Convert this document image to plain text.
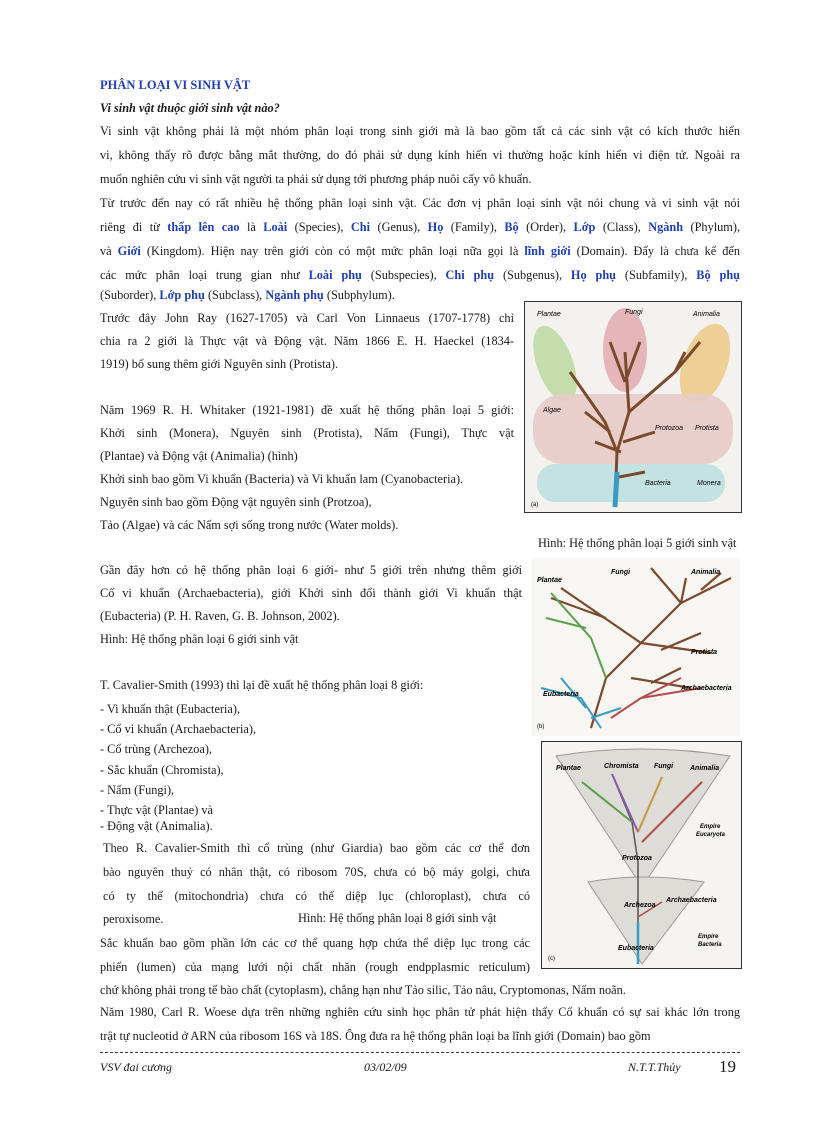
PHÂN LOẠI VI SINH VẬT
Vi sinh vật thuộc giới sinh vật nào?
Vi sinh vật không phải là một nhóm phân loại trong sinh giới mà là bao gồm tất cả các sinh vật có kích thước hiển
vi, không thấy rõ được bằng mắt thường, do đó phải sử dụng kính hiển vi thường hoặc kính hiển vi điện tử. Ngoài ra
muốn nghiên cứu vi sinh vật người ta phải sử dụng tới phương pháp nuôi cấy vô khuẩn.
Từ trước đến nay có rất nhiều hệ thống phân loại sinh vật. Các đơn vị phân loại sinh vật nói chung và vi sinh vật nói
riêng đi từ thấp lên cao là Loài (Species), Chi (Genus), Họ (Family), Bộ (Order), Lớp (Class), Ngành (Phylum),
và Giới (Kingdom). Hiện nay trên giới còn có một mức phân loại nữa gọi là lĩnh giới (Domain). Đấy là chưa kể đến
các mức phân loại trung gian như Loài phụ (Subspecies), Chi phụ (Subgenus), Họ phụ (Subfamily), Bộ phụ
(Suborder), Lớp phụ (Subclass), Ngành phụ (Subphylum).
Trước đây John Ray (1627-1705) và Carl Von Linnaeus (1707-1778) chỉ
chia ra 2 giới là Thực vật và Động vật. Năm 1866 E. H. Haeckel (1834-
1919) bổ sung thêm giới Nguyên sinh (Protista).
Năm 1969 R. H. Whitaker (1921-1981) đề xuất hệ thống phân loại 5 giới:
Khởi sinh (Monera), Nguyên sinh (Protista), Nấm (Fungi), Thực vật
(Plantae) và Động vật (Animalia) (hình)
Khởi sinh bao gồm Vi khuẩn (Bacteria) và Vi khuẩn lam (Cyanobacteria).
Nguyên sinh bao gồm Động vật nguyên sinh (Protzoa),
Tảo (Algae) và các Nấm sợi sống trong nước (Water molds).
Plantae	Fungi	Animalia
Algae
Protozoa Protista
Bacteria	Monera
(a)
Hình: Hệ thống phân loại 5 giới sinh vật
Gần đây hơn có hệ thống phân loại 6 giới- như 5 giới trên nhưng thêm giới
Cổ vi khuẩn (Archaebacteria), giới Khởi sinh đổi thành giới Vi khuẩn thật
(Eubacteria) (P. H. Raven, G. B. Johnson, 2002).
Hình: Hệ thống phân loại 6 giới sinh vật
Plantae
Fungi	Animalia
Protista
Eubacteria
Archaebacteria
(b)
T. Cavalier-Smith (1993) thì lại đề xuất hệ thống phân loại 8 giới:
- Vi khuẩn thật (Eubacteria),
- Cổ vi khuẩn (Archaebacteria),
- Cổ trùng (Archezoa),
- Sắc khuẩn (Chromista),
- Nấm (Fungi),
- Thực vật (Plantae) và
- Động vật (Animalia).
Plantae	Chromista Fungi Animalia
Protozoa
Empire
Eucaryota
Archezoa
Archaebacteria
Eubacteria
Empire
Bacteria
(c)
Theo R. Cavalier-Smith thì cổ trùng (như Giardia) bao gồm các cơ thể đơn
bào nguyên thuỷ có nhân thật, có ribosom 70S, chưa có bộ máy golgi, chưa
có ty thể (mitochondria) chưa có thể diệp lục (chloroplast), chưa có
peroxisome.	Hình: Hệ thống phân loại 8 giới sinh vật
Sắc khuẩn bao gồm phần lớn các cơ thể quang hợp chứa thể diệp lục trong các
phiến (lumen) của mạng lưới nội chất nhăn (rough endpplasmic reticulum)
chứ không phải trong tế bào chất (cytoplasm), chẳng hạn như Tảo silic, Tảo nâu, Cryptomonas, Nấm noãn.
Năm 1980, Carl R. Woese dựa trên những nghiên cứu sinh học phân tử phát hiện thấy Cổ khuẩn có sự sai khác lớn trong
trật tự nucleotid ở ARN của ribosom 16S và 18S. Ông đưa ra hệ thống phân loại ba lĩnh giới (Domain) bao gồm
VSV đai cương	03/02/09	N.T.T.Thủy 19
